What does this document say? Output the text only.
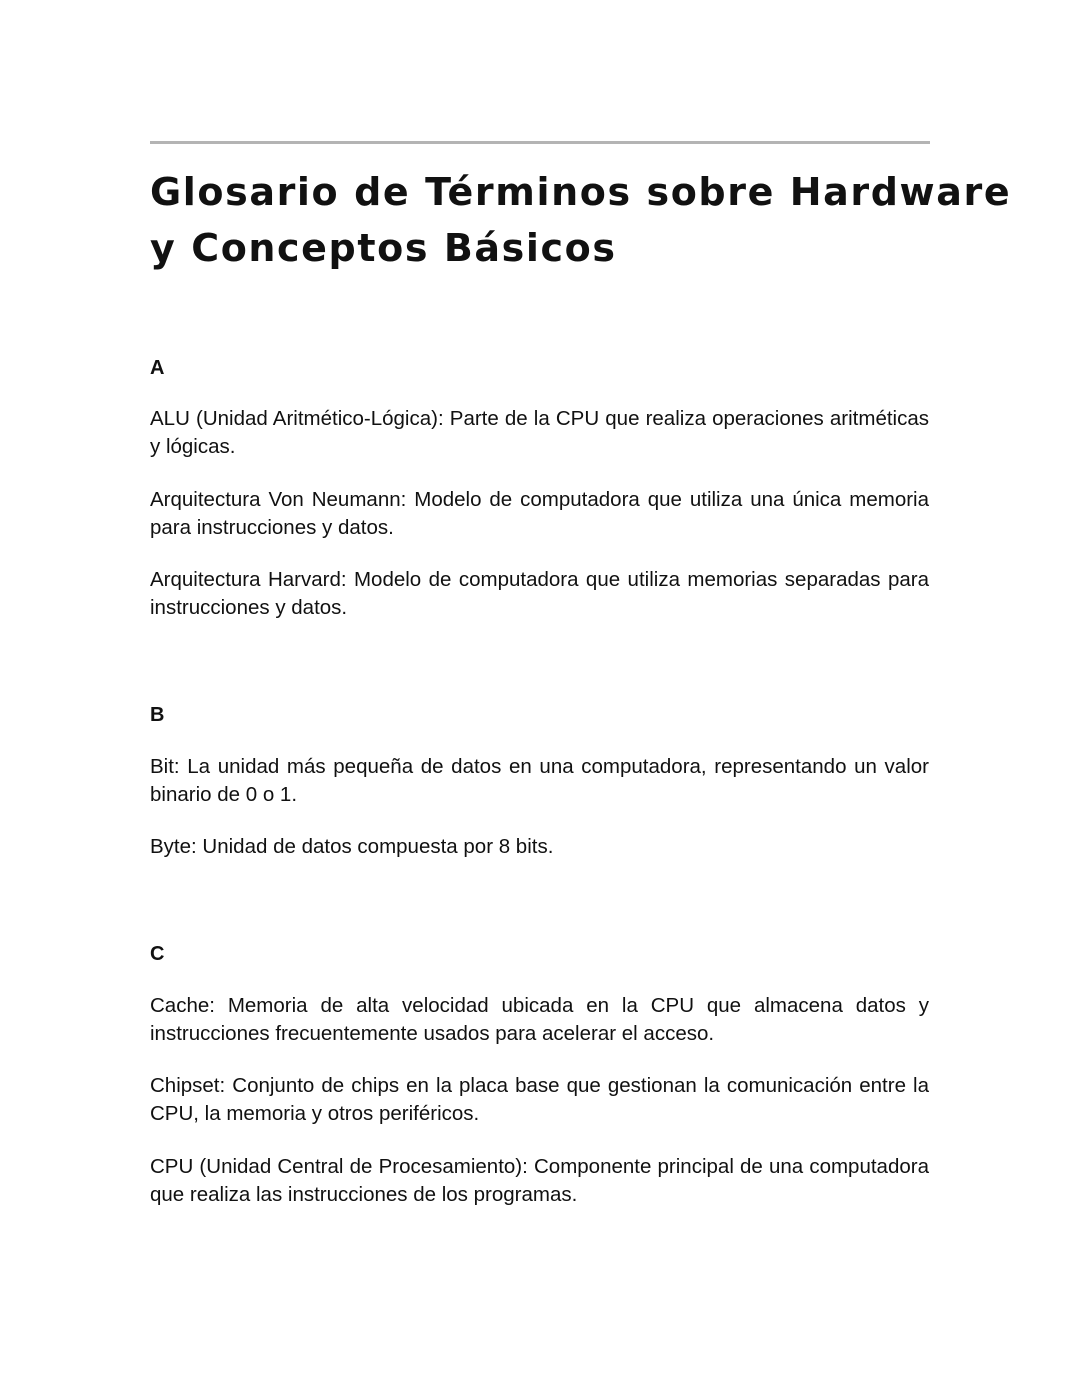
Glosario de Términos sobre Hardware
y Conceptos Básicos
A

ALU (Unidad Aritmético-Lógica): Parte de la CPU que realiza operaciones aritméticas y lógicas.

Arquitectura Von Neumann: Modelo de computadora que utiliza una única memoria para instrucciones y datos.

Arquitectura Harvard: Modelo de computadora que utiliza memorias separadas para instrucciones y datos.

B

Bit: La unidad más pequeña de datos en una computadora, representando un valor binario de 0 o 1.

Byte: Unidad de datos compuesta por 8 bits.

C

Cache: Memoria de alta velocidad ubicada en la CPU que almacena datos y instrucciones frecuentemente usados para acelerar el acceso.

Chipset: Conjunto de chips en la placa base que gestionan la comunicación entre la CPU, la memoria y otros periféricos.

CPU (Unidad Central de Procesamiento): Componente principal de una computadora que realiza las instrucciones de los programas.
